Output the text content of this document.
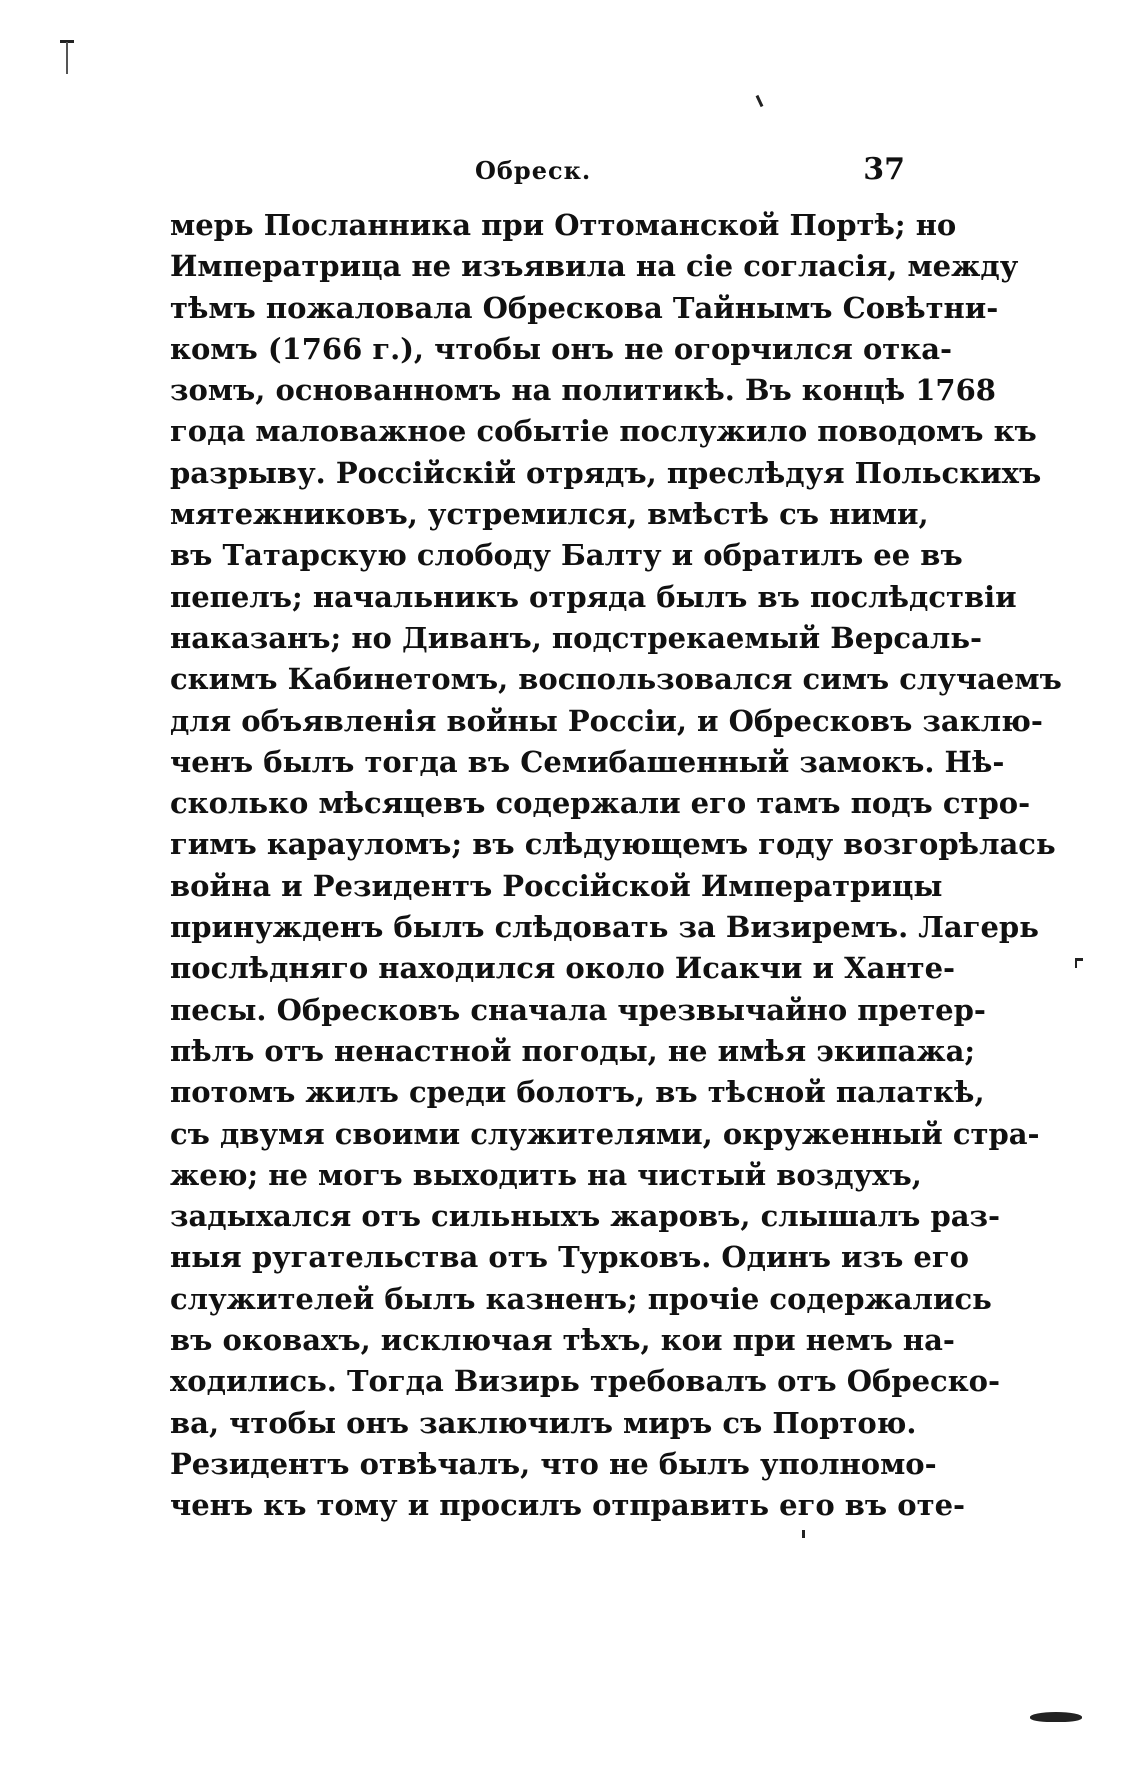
Обреск.	37
мерь Посланника при Оттоманской Портѣ; но
Императрица не изъявила на сіе согласія, между
тѣмъ пожаловала Обрескова Тайнымъ Совѣтни-
комъ (1766 г.), чтобы онъ не огорчился отка-
зомъ, основанномъ на политикѣ. Въ концѣ 1768
года маловажное событіе послужило поводомъ къ
разрыву. Россійскій отрядъ, преслѣдуя Польскихъ
мятежниковъ, устремился, вмѣстѣ съ ними,
въ Татарскую слободу Балту и обратилъ ее въ
пепелъ; начальникъ отряда былъ въ послѣдствіи
наказанъ; но Диванъ, подстрекаемый Версаль-
скимъ Кабинетомъ, воспользовался симъ случаемъ
для объявленія войны Россіи, и Обресковъ заклю-
ченъ былъ тогда въ Семибашенный замокъ. Нѣ-
сколько мѣсяцевъ содержали его тамъ подъ стро-
гимъ карауломъ; въ слѣдующемъ году возгорѣлась
война и Резидентъ Россійской Императрицы
принужденъ былъ слѣдовать за Визиремъ. Лагерь
послѣдняго находился около Исакчи и Ханте-
песы. Обресковъ сначала чрезвычайно претер-
пѣлъ отъ ненастной погоды, не имѣя экипажа;
потомъ жилъ среди болотъ, въ тѣсной палаткѣ,
съ двумя своими служителями, окруженный стра-
жею; не могъ выходить на чистый воздухъ,
задыхался отъ сильныхъ жаровъ, слышалъ раз-
ныя ругательства отъ Турковъ. Одинъ изъ его
служителей былъ казненъ; прочіе содержались
въ оковахъ, исключая тѣхъ, кои при немъ на-
ходились. Тогда Визирь требовалъ отъ Обреско-
ва, чтобы онъ заключилъ миръ съ Портою.
Резидентъ отвѣчалъ, что не былъ уполномо-
ченъ къ тому и просилъ отправить его въ оте-
